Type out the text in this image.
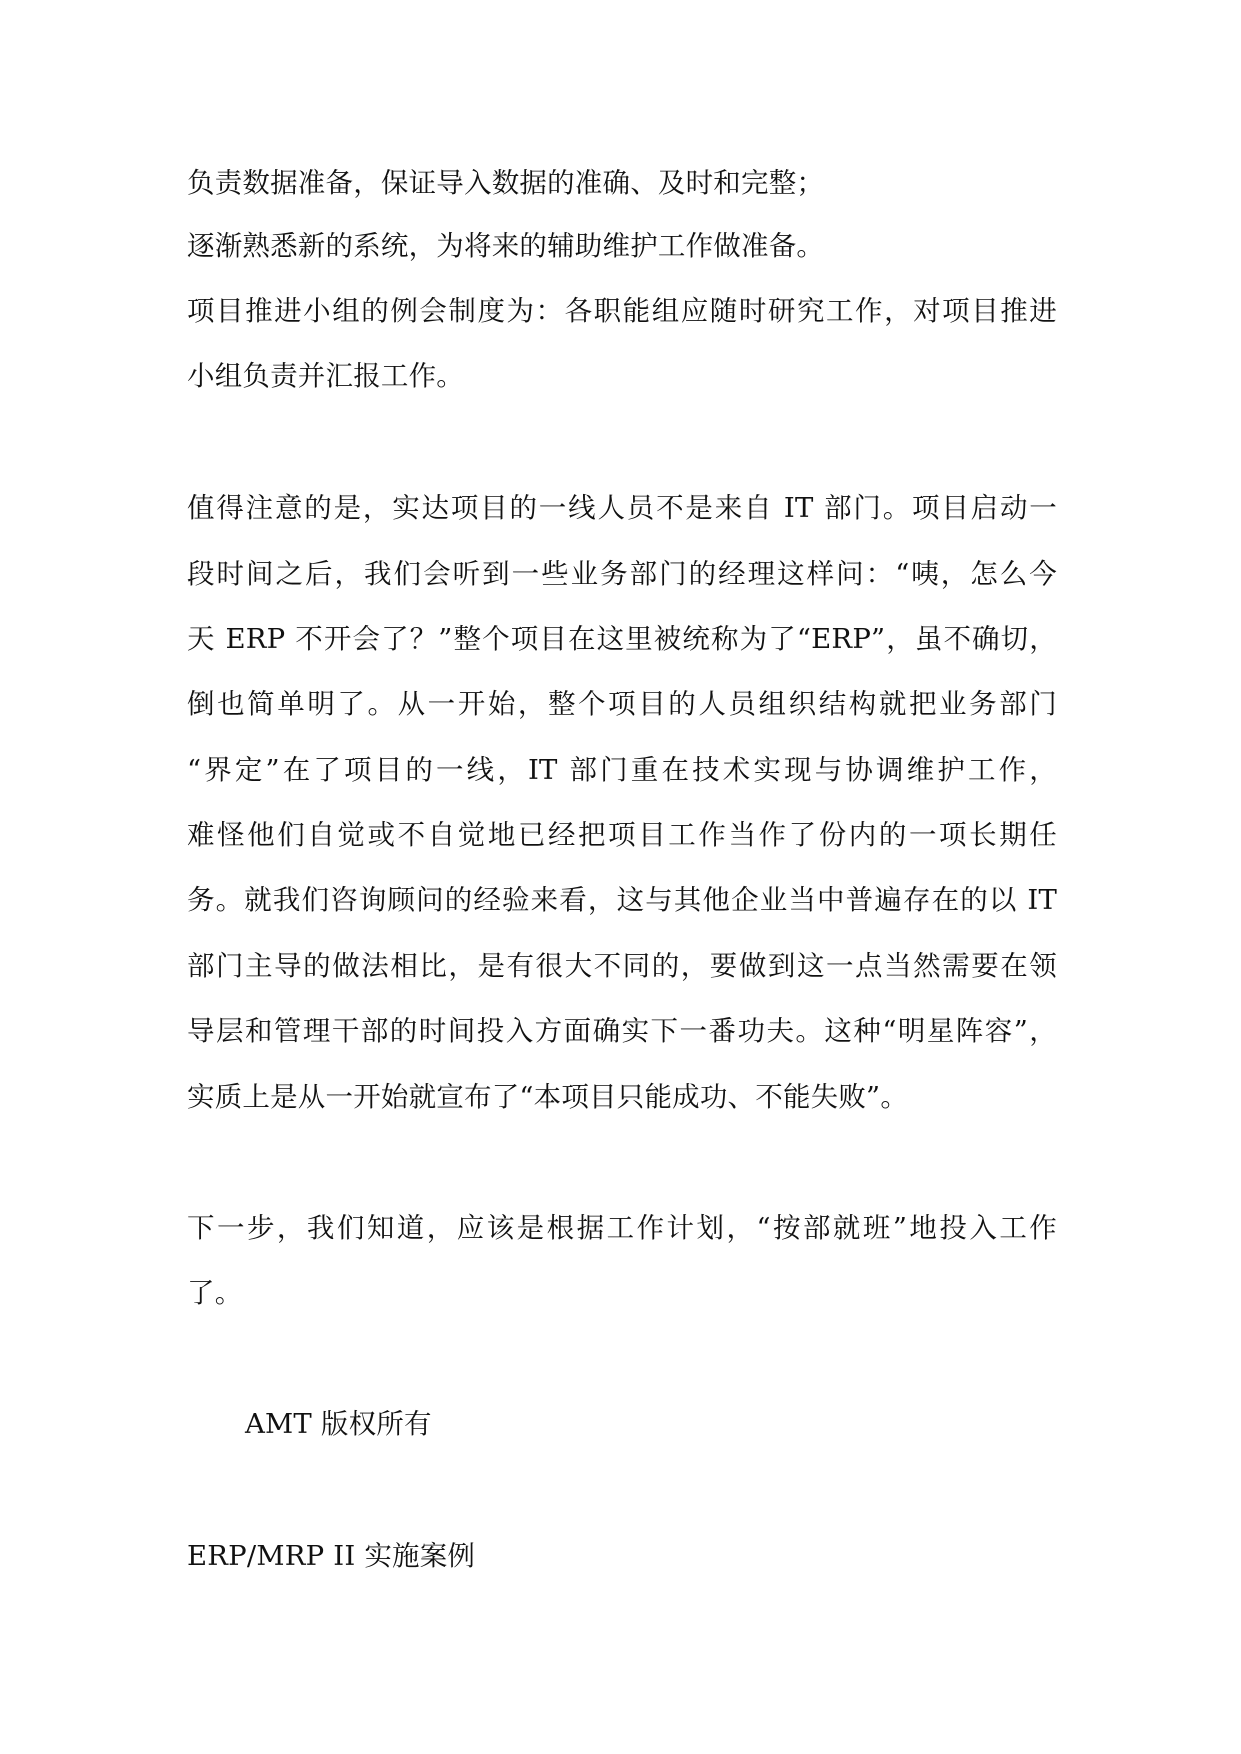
负责数据准备，保证导入数据的准确、及时和完整；
逐渐熟悉新的系统，为将来的辅助维护工作做准备。
项目推进小组的例会制度为：各职能组应随时研究工作，对项目推进
小组负责并汇报工作。
值得注意的是，实达项目的一线人员不是来自 IT 部门。项目启动一
段时间之后，我们会听到一些业务部门的经理这样问：“咦，怎么今
天 ERP 不开会了？”整个项目在这里被统称为了“ERP”，虽不确切，
倒也简单明了。从一开始，整个项目的人员组织结构就把业务部门
“界定”在了项目的一线，IT 部门重在技术实现与协调维护工作，
难怪他们自觉或不自觉地已经把项目工作当作了份内的一项长期任
务。就我们咨询顾问的经验来看，这与其他企业当中普遍存在的以 IT
部门主导的做法相比，是有很大不同的，要做到这一点当然需要在领
导层和管理干部的时间投入方面确实下一番功夫。这种“明星阵容”，
实质上是从一开始就宣布了“本项目只能成功、不能失败”。
下一步，我们知道，应该是根据工作计划，“按部就班”地投入工作
了。
AMT 版权所有
ERP/MRP II 实施案例
